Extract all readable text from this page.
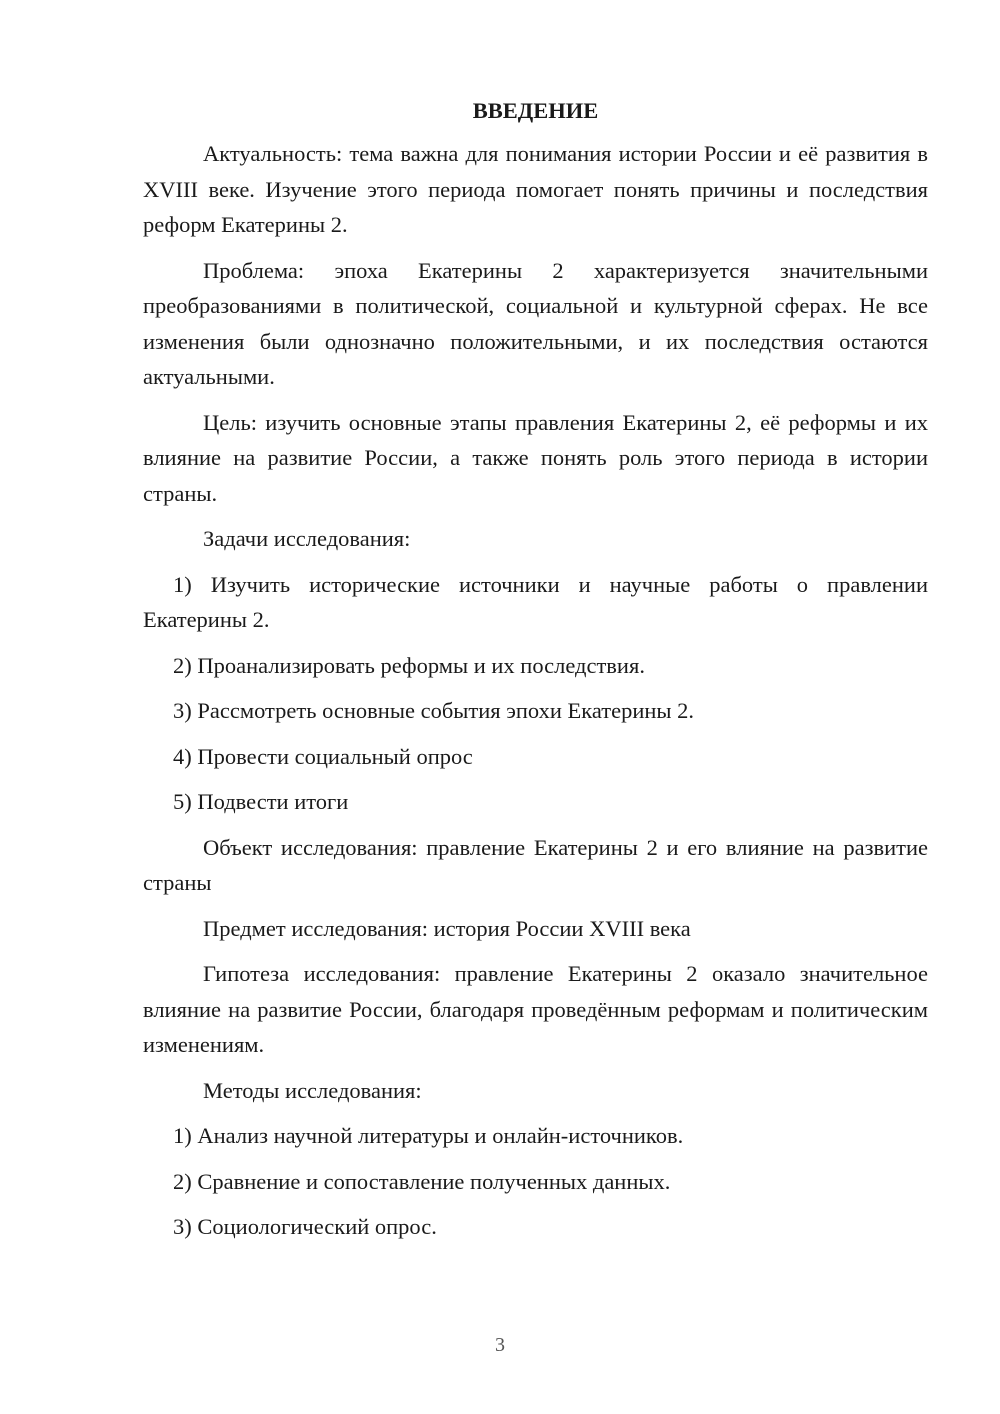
ВВЕДЕНИЕ

Актуальность: тема важна для понимания истории России и её развития в XVIII веке. Изучение этого периода помогает понять причины и последствия реформ Екатерины 2.

Проблема: эпоха Екатерины 2 характеризуется значительными преобразованиями в политической, социальной и культурной сферах. Не все изменения были однозначно положительными, и их последствия остаются актуальными.

Цель: изучить основные этапы правления Екатерины 2, её реформы и их влияние на развитие России, а также понять роль этого периода в истории страны.

Задачи исследования:

1) Изучить исторические источники и научные работы о правлении Екатерины 2.

2) Проанализировать реформы и их последствия.

3) Рассмотреть основные события эпохи Екатерины 2.

4) Провести социальный опрос

5) Подвести итоги

Объект исследования: правление Екатерины 2 и его влияние на развитие страны

Предмет исследования: история России XVIII века

Гипотеза исследования: правление Екатерины 2 оказало значительное влияние на развитие России, благодаря проведённым реформам и политическим изменениям.

Методы исследования:

1) Анализ научной литературы и онлайн-источников.

2) Сравнение и сопоставление полученных данных.

3) Социологический опрос.

3
